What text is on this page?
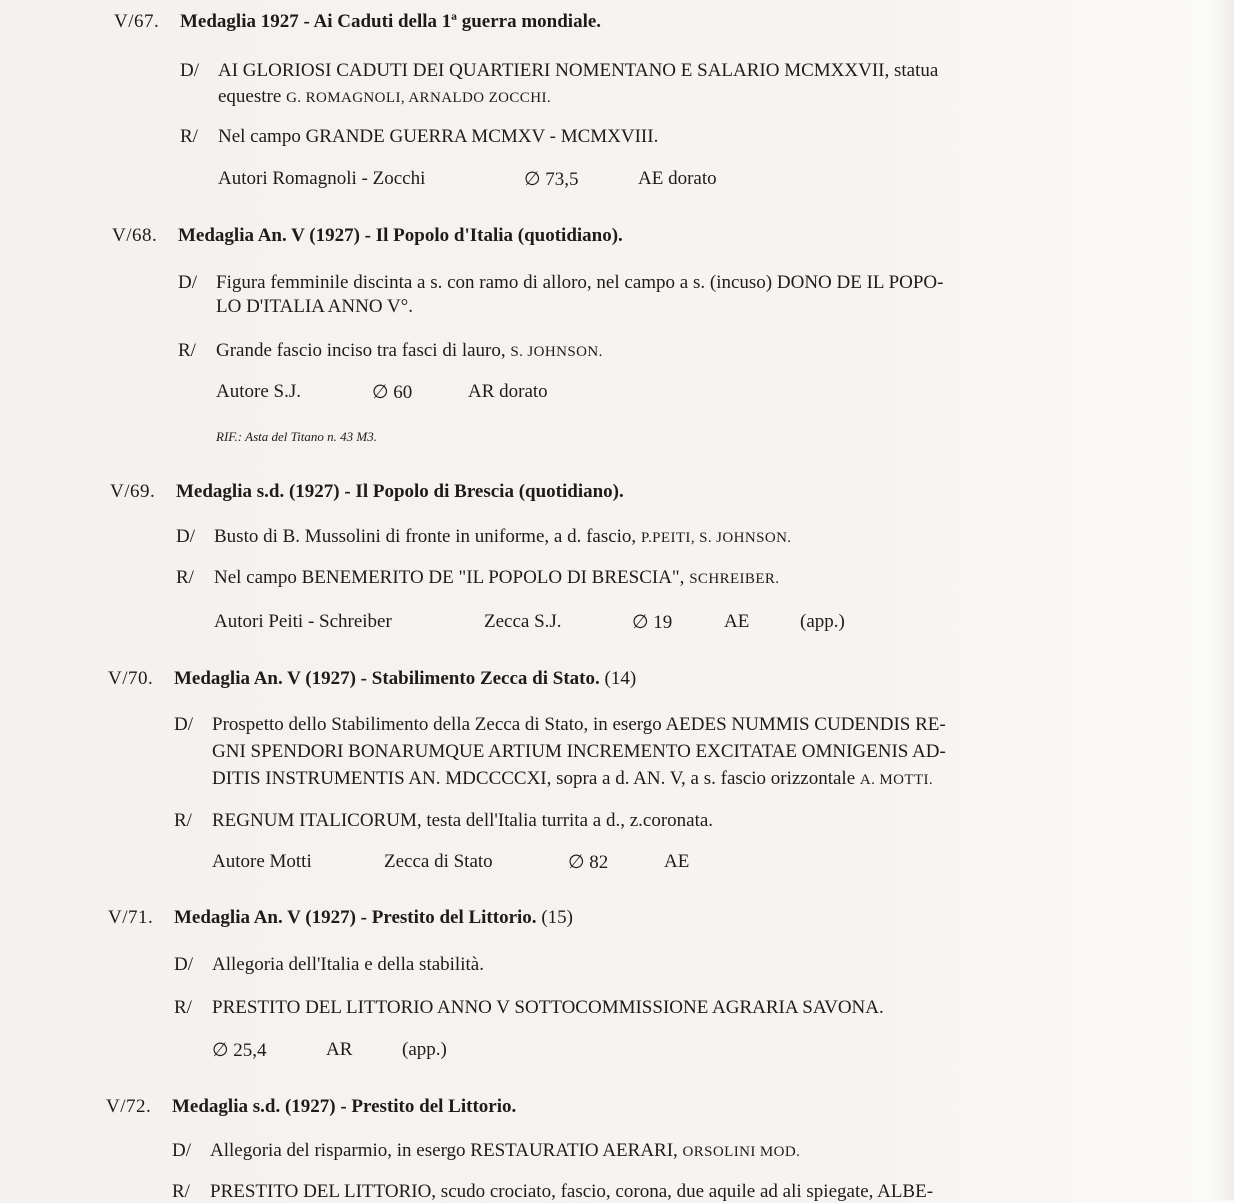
V/67. Medaglia 1927 - Ai Caduti della 1ª guerra mondiale.
D/ AI GLORIOSI CADUTI DEI QUARTIERI NOMENTANO E SALARIO MCMXXVII, statua
equestre G. ROMAGNOLI, ARNALDO ZOCCHI.
R/ Nel campo GRANDE GUERRA MCMXV - MCMXVIII.
Autori Romagnoli - Zocchi	∅ 73,5	AE dorato
V/68. Medaglia An. V (1927) - Il Popolo d'Italia (quotidiano).
D/ Figura femminile discinta a s. con ramo di alloro, nel campo a s. (incuso) DONO DE IL POPO-
LO D'ITALIA ANNO V°.
R/ Grande fascio inciso tra fasci di lauro, S. JOHNSON.
Autore S.J.	∅ 60	AR dorato
RIF.: Asta del Titano n. 43 M3.
V/69. Medaglia s.d. (1927) - Il Popolo di Brescia (quotidiano).
D/ Busto di B. Mussolini di fronte in uniforme, a d. fascio, P.PEITI, S. JOHNSON.
R/ Nel campo BENEMERITO DE "IL POPOLO DI BRESCIA", SCHREIBER.
Autori Peiti - Schreiber	Zecca S.J.	∅ 19	AE	(app.)
V/70. Medaglia An. V (1927) - Stabilimento Zecca di Stato. (14)
D/ Prospetto dello Stabilimento della Zecca di Stato, in esergo AEDES NUMMIS CUDENDIS RE-
GNI SPENDORI BONARUMQUE ARTIUM INCREMENTO EXCITATAE OMNIGENIS AD-
DITIS INSTRUMENTIS AN. MDCCCCXI, sopra a d. AN. V, a s. fascio orizzontale A. MOTTI.
R/ REGNUM ITALICORUM, testa dell'Italia turrita a d., z.coronata.
Autore Motti	Zecca di Stato	∅ 82	AE
V/71. Medaglia An. V (1927) - Prestito del Littorio. (15)
D/ Allegoria dell'Italia e della stabilità.
R/ PRESTITO DEL LITTORIO ANNO V SOTTOCOMMISSIONE AGRARIA SAVONA.
∅ 25,4	AR	(app.)
V/72. Medaglia s.d. (1927) - Prestito del Littorio.
D/ Allegoria del risparmio, in esergo RESTAURATIO AERARI, ORSOLINI MOD.
R/ PRESTITO DEL LITTORIO, scudo crociato, fascio, corona, due aquile ad ali spiegate, ALBE-
